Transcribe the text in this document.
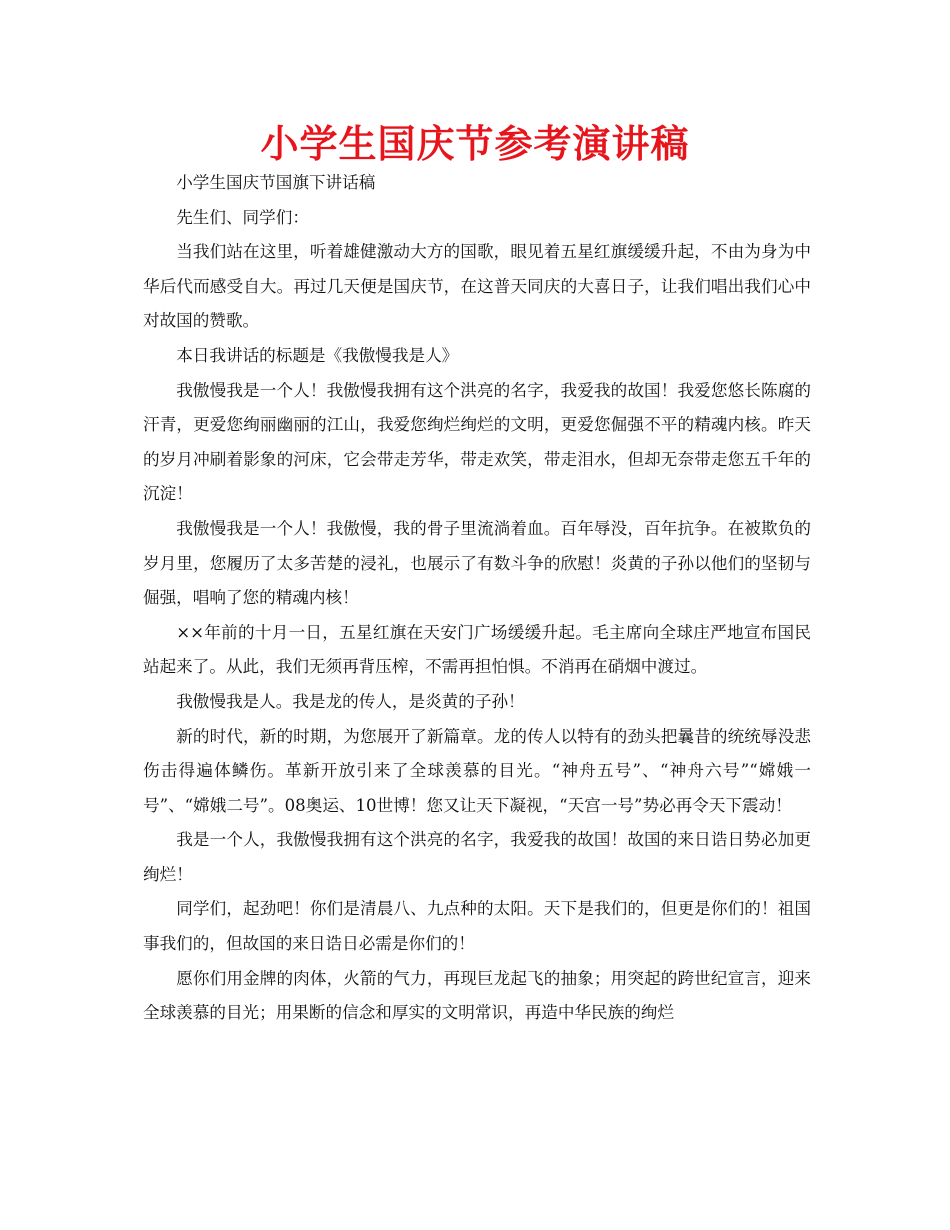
小学生国庆节参考演讲稿

小学生国庆节国旗下讲话稿

先生们、同学们：

当我们站在这里，听着雄健激动大方的国歌，眼见着五星红旗缓缓升起，不由为身为中华后代而感受自大。再过几天便是国庆节，在这普天同庆的大喜日子，让我们唱出我们心中对故国的赞歌。

本日我讲话的标题是《我傲慢我是人》

我傲慢我是一个人！我傲慢我拥有这个洪亮的名字，我爱我的故国！我爱您悠长陈腐的汗青，更爱您绚丽幽丽的江山，我爱您绚烂绚烂的文明，更爱您倔强不平的精魂内核。昨天的岁月冲刷着影象的河床，它会带走芳华，带走欢笑，带走泪水，但却无奈带走您五千年的沉淀！

我傲慢我是一个人！我傲慢，我的骨子里流淌着血。百年辱没，百年抗争。在被欺负的岁月里，您履历了太多苦楚的浸礼，也展示了有数斗争的欣慰！炎黄的子孙以他们的坚韧与倔强，唱响了您的精魂内核！

××年前的十月一日，五星红旗在天安门广场缓缓升起。毛主席向全球庄严地宣布国民站起来了。从此，我们无须再背压榨，不需再担怕惧。不消再在硝烟中渡过。

我傲慢我是人。我是龙的传人，是炎黄的子孙！

新的时代，新的时期，为您展开了新篇章。龙的传人以特有的劲头把曩昔的统统辱没悲伤击得遍体鳞伤。革新开放引来了全球羡慕的目光。“神舟五号”、“神舟六号”“嫦娥一号”、“嫦娥二号”。08奥运、10世博！您又让天下凝视，“天宫一号”势必再令天下震动！

我是一个人，我傲慢我拥有这个洪亮的名字，我爱我的故国！故国的来日诰日势必加更绚烂！

同学们，起劲吧！你们是清晨八、九点种的太阳。天下是我们的，但更是你们的！祖国事我们的，但故国的来日诰日必需是你们的！

愿你们用金牌的肉体，火箭的气力，再现巨龙起飞的抽象；用突起的跨世纪宣言，迎来全球羡慕的目光；用果断的信念和厚实的文明常识，再造中华民族的绚烂
